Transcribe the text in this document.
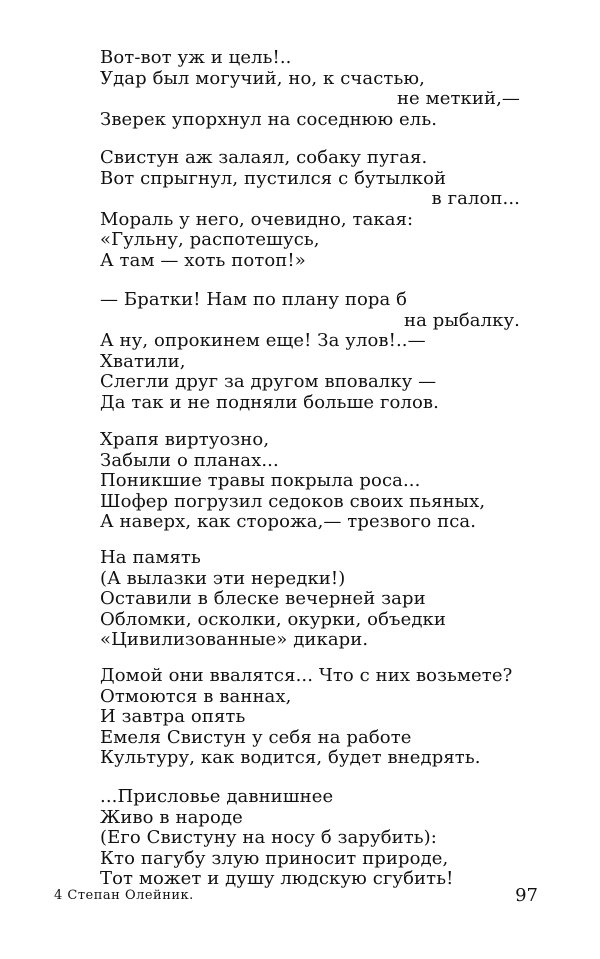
Вот-вот уж и цель!..
Удар был могучий, но, к счастью,
не меткий,—
Зверек упорхнул на соседнюю ель.
Свистун аж залаял, собаку пугая.
Вот спрыгнул, пустился с бутылкой
в галоп...
Мораль у него, очевидно, такая:
«Гульну, распотешусь,
А там — хоть потоп!»
— Братки! Нам по плану пора б
на рыбалку.
А ну, опрокинем еще! За улов!..—
Хватили,
Слегли друг за другом вповалку —
Да так и не подняли больше голов.
Храпя виртуозно,
Забыли о планах...
Поникшие травы покрыла роса...
Шофер погрузил седоков своих пьяных,
А наверх, как сторожа,— трезвого пса.
На память
(А вылазки эти нередки!)
Оставили в блеске вечерней зари
Обломки, осколки, окурки, объедки
«Цивилизованные» дикари.
Домой они ввалятся... Что с них возьмете?
Отмоются в ваннах,
И завтра опять
Емеля Свистун у себя на работе
Культуру, как водится, будет внедрять.
...Присловье давнишнее
Живо в народе
(Его Свистуну на носу б зарубить):
Кто пагубу злую приносит природе,
Тот может и душу людскую сгубить!
4 Степан Олейник.	97
